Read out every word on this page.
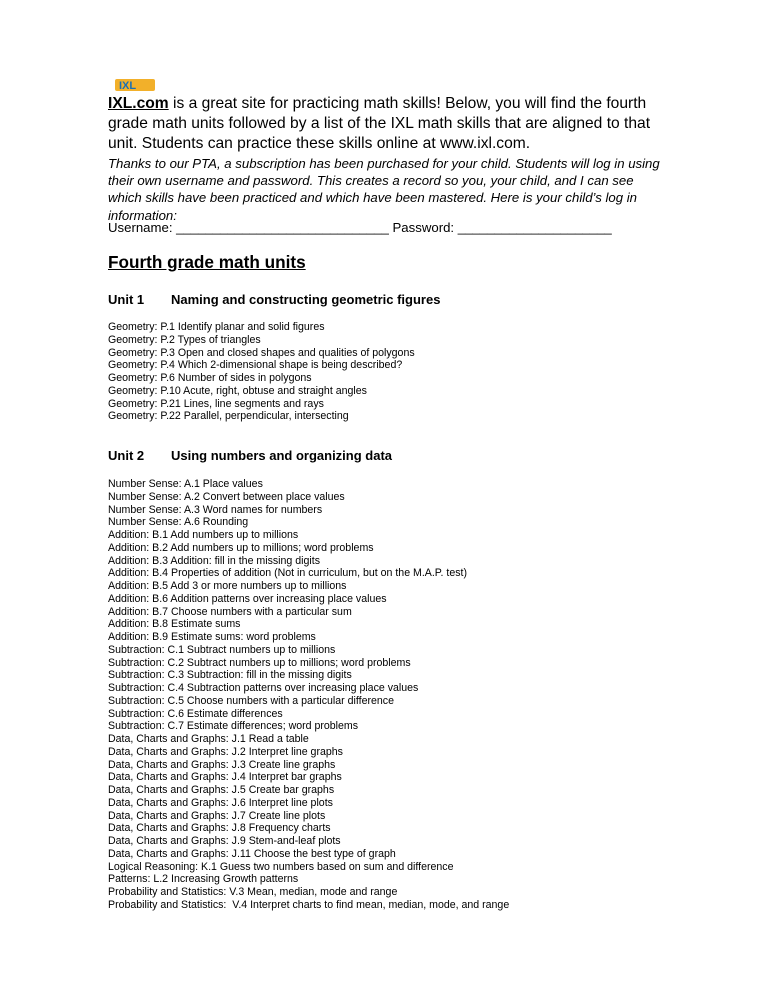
IXL
IXL.com is a great site for practicing math skills! Below, you will find the fourth grade math units followed by a list of the IXL math skills that are aligned to that unit. Students can practice these skills online at www.ixl.com.
Thanks to our PTA, a subscription has been purchased for your child. Students will log in using their own username and password. This creates a record so you, your child, and I can see which skills have been practiced and which have been mastered. Here is your child’s log in information:
Username: _____________________________ Password: _____________________
Fourth grade math units
Unit 1 Naming and constructing geometric figures
Geometry: P.1 Identify planar and solid figures
Geometry: P.2 Types of triangles
Geometry: P.3 Open and closed shapes and qualities of polygons
Geometry: P.4 Which 2-dimensional shape is being described?
Geometry: P.6 Number of sides in polygons
Geometry: P.10 Acute, right, obtuse and straight angles
Geometry: P.21 Lines, line segments and rays
Geometry: P.22 Parallel, perpendicular, intersecting
Unit 2 Using numbers and organizing data
Number Sense: A.1 Place values
Number Sense: A.2 Convert between place values
Number Sense: A.3 Word names for numbers
Number Sense: A.6 Rounding
Addition: B.1 Add numbers up to millions
Addition: B.2 Add numbers up to millions; word problems
Addition: B.3 Addition: fill in the missing digits
Addition: B.4 Properties of addition (Not in curriculum, but on the M.A.P. test)
Addition: B.5 Add 3 or more numbers up to millions
Addition: B.6 Addition patterns over increasing place values
Addition: B.7 Choose numbers with a particular sum
Addition: B.8 Estimate sums
Addition: B.9 Estimate sums: word problems
Subtraction: C.1 Subtract numbers up to millions
Subtraction: C.2 Subtract numbers up to millions; word problems
Subtraction: C.3 Subtraction: fill in the missing digits
Subtraction: C.4 Subtraction patterns over increasing place values
Subtraction: C.5 Choose numbers with a particular difference
Subtraction: C.6 Estimate differences
Subtraction: C.7 Estimate differences; word problems
Data, Charts and Graphs: J.1 Read a table
Data, Charts and Graphs: J.2 Interpret line graphs
Data, Charts and Graphs: J.3 Create line graphs
Data, Charts and Graphs: J.4 Interpret bar graphs
Data, Charts and Graphs: J.5 Create bar graphs
Data, Charts and Graphs: J.6 Interpret line plots
Data, Charts and Graphs: J.7 Create line plots
Data, Charts and Graphs: J.8 Frequency charts
Data, Charts and Graphs: J.9 Stem-and-leaf plots
Data, Charts and Graphs: J.11 Choose the best type of graph
Logical Reasoning: K.1 Guess two numbers based on sum and difference
Patterns: L.2 Increasing Growth patterns
Probability and Statistics: V.3 Mean, median, mode and range
Probability and Statistics:  V.4 Interpret charts to find mean, median, mode, and range
